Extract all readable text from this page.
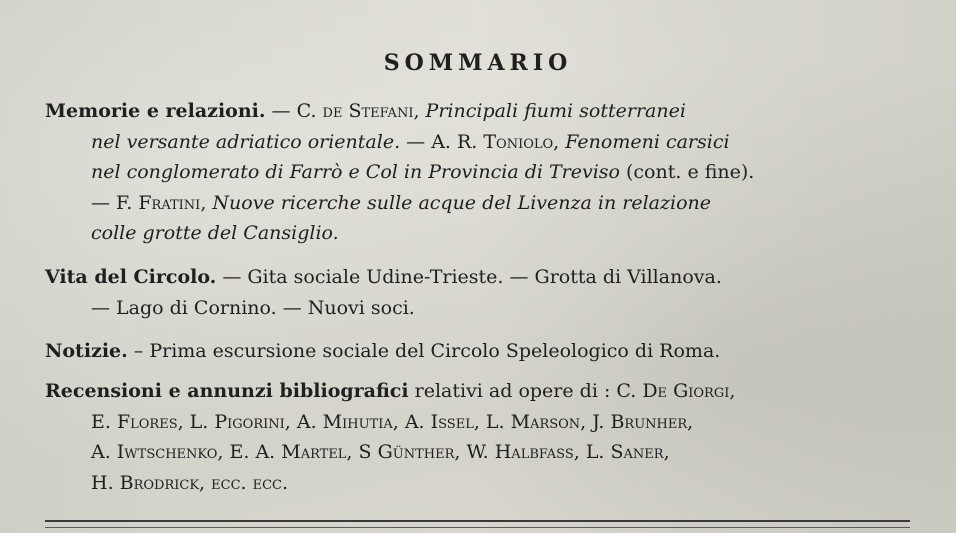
SOMMARIO
Memorie e relazioni. — C. de Stefani, Principali fiumi sotterranei
nel versante adriatico orientale. — A. R. Toniolo, Fenomeni carsici
nel conglomerato di Farrò e Col in Provincia di Treviso (cont. e fine).
— F. Fratini, Nuove ricerche sulle acque del Livenza in relazione
colle grotte del Cansiglio.
Vita del Circolo. — Gita sociale Udine-Trieste. — Grotta di Villanova.
— Lago di Cornino. — Nuovi soci.
Notizie. – Prima escursione sociale del Circolo Speleologico di Roma.
Recensioni e annunzi bibliografici relativi ad opere di : C. De Giorgi,
E. Flores, L. Pigorini, A. Mihutia, A. Issel, L. Marson, J. Brunher,
A. Iwtschenko, E. A. Martel, S Günther, W. Halbfass, L. Saner,
H. Brodrick, ecc. ecc.
